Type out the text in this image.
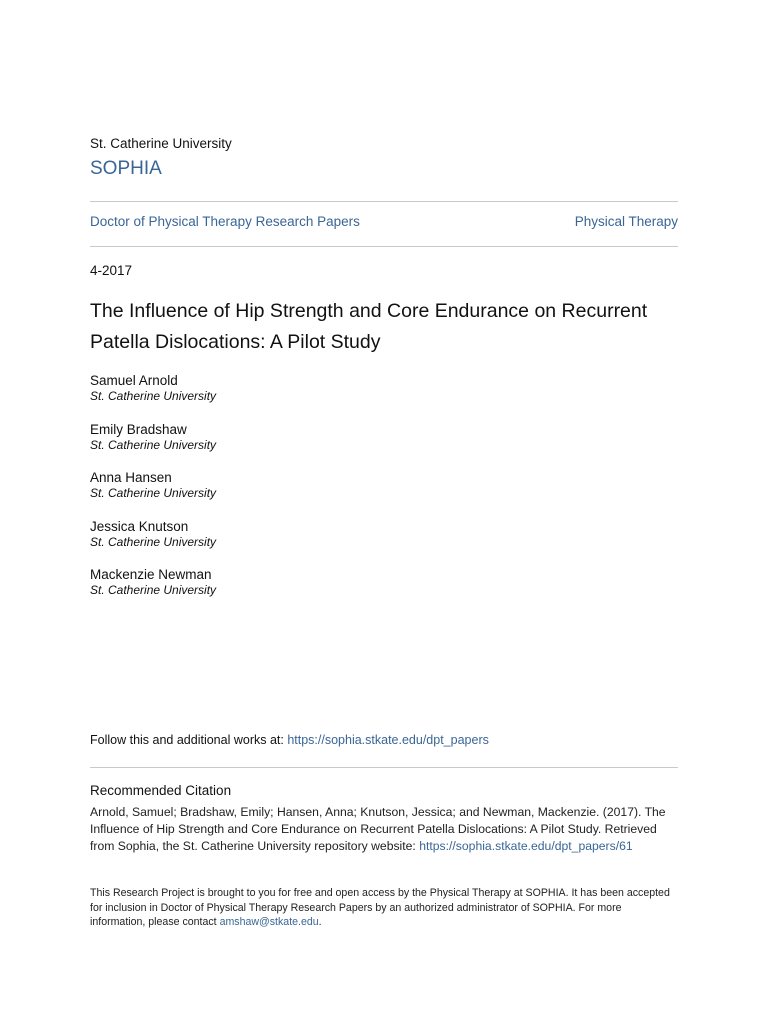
St. Catherine University
SOPHIA
Doctor of Physical Therapy Research Papers	Physical Therapy
4-2017
The Influence of Hip Strength and Core Endurance on Recurrent Patella Dislocations: A Pilot Study
Samuel Arnold
St. Catherine University
Emily Bradshaw
St. Catherine University
Anna Hansen
St. Catherine University
Jessica Knutson
St. Catherine University
Mackenzie Newman
St. Catherine University
Follow this and additional works at: https://sophia.stkate.edu/dpt_papers
Recommended Citation
Arnold, Samuel; Bradshaw, Emily; Hansen, Anna; Knutson, Jessica; and Newman, Mackenzie. (2017). The Influence of Hip Strength and Core Endurance on Recurrent Patella Dislocations: A Pilot Study. Retrieved from Sophia, the St. Catherine University repository website: https://sophia.stkate.edu/dpt_papers/61
This Research Project is brought to you for free and open access by the Physical Therapy at SOPHIA. It has been accepted for inclusion in Doctor of Physical Therapy Research Papers by an authorized administrator of SOPHIA. For more information, please contact amshaw@stkate.edu.
